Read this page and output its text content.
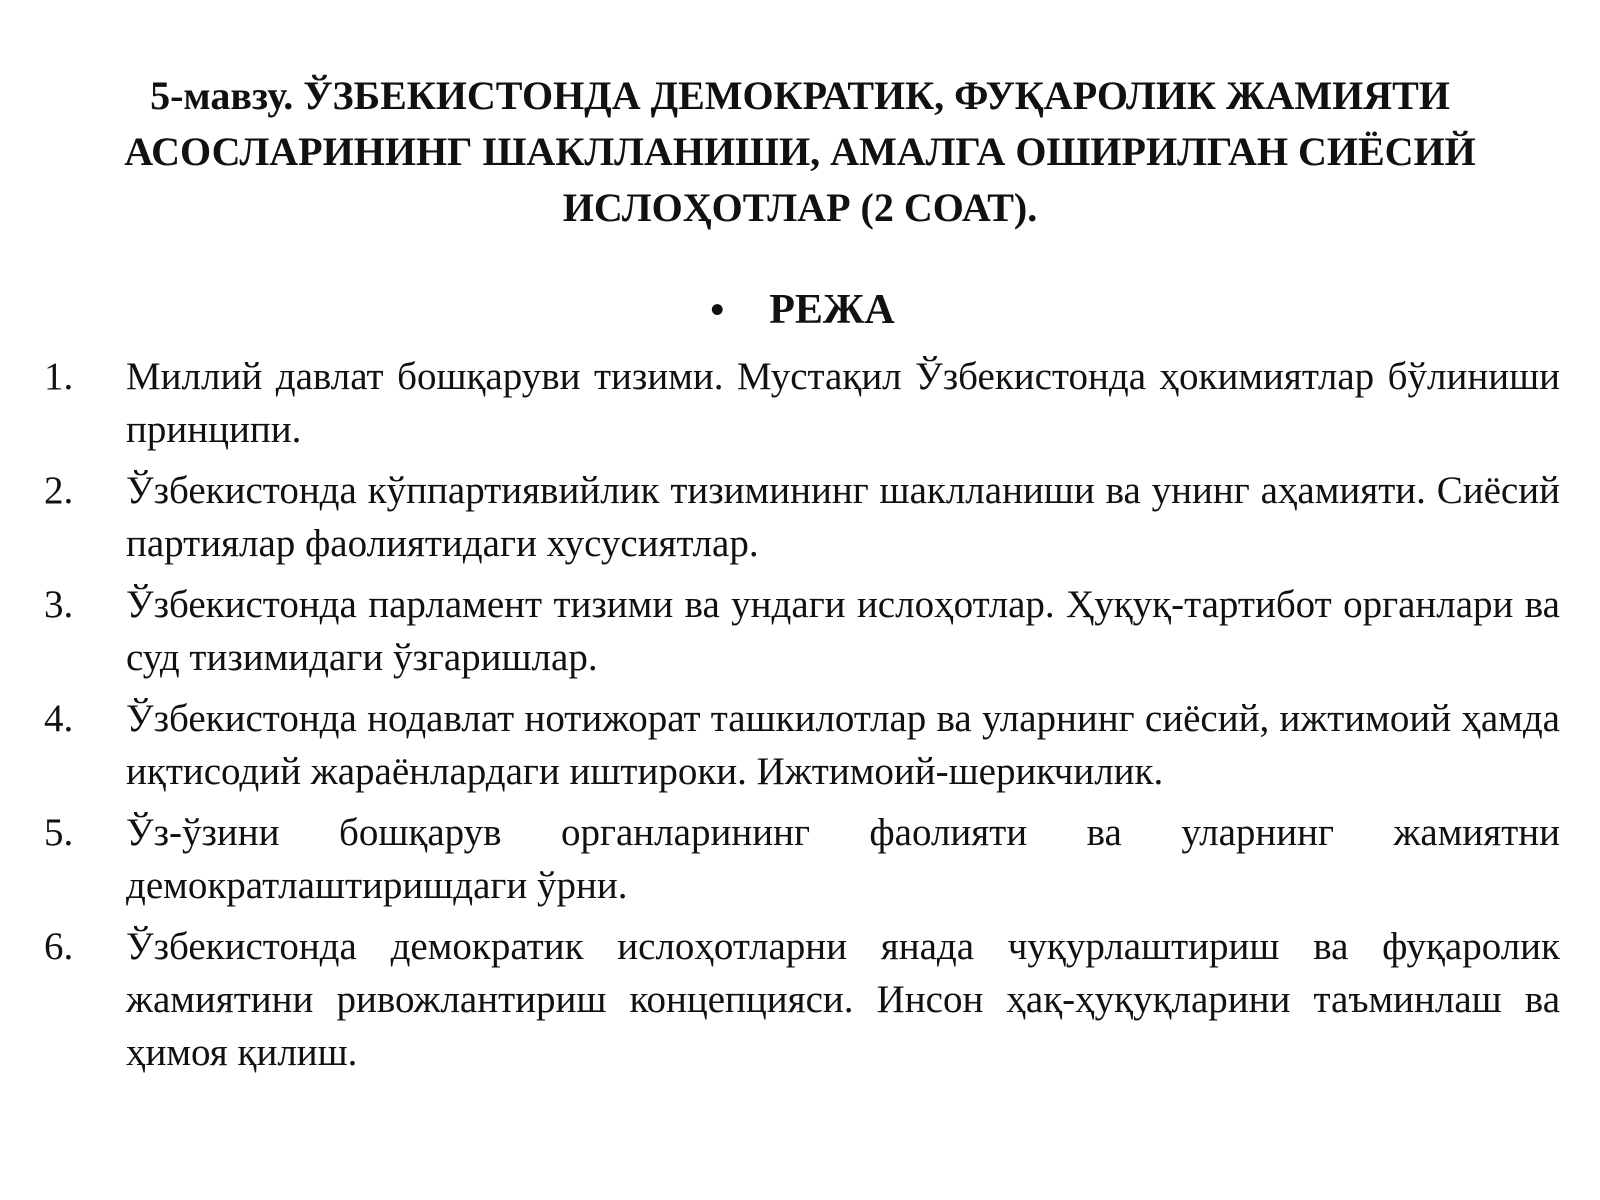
5-мавзу. ЎЗБЕКИСТОНДА ДЕМОКРАТИК, ФУҚАРОЛИК ЖАМИЯТИ АСОСЛАРИНИНГ ШАКЛЛАНИШИ, АМАЛГА ОШИРИЛГАН СИЁСИЙ ИСЛОҲОТЛАР (2 СОАТ).
• РЕЖА
1.	Миллий давлат бошқаруви тизими. Мустақил Ўзбекистонда ҳокимиятлар бўлиниши принципи.
2.	Ўзбекистонда кўппартиявийлик тизимининг шаклланиши ва унинг аҳамияти. Сиёсий партиялар фаолиятидаги хусусиятлар.
3.	Ўзбекистонда парламент тизими ва ундаги ислоҳотлар. Ҳуқуқ-тартибот органлари ва суд тизимидаги ўзгаришлар.
4.	Ўзбекистонда нодавлат нотижорат ташкилотлар ва уларнинг сиёсий, ижтимоий ҳамда иқтисодий жараёнлардаги иштироки. Ижтимоий-шерикчилик.
5.	Ўз-ўзини бошқарув органларининг фаолияти ва уларнинг жамиятни демократлаштиришдаги ўрни.
6.	Ўзбекистонда демократик ислоҳотларни янада чуқурлаштириш ва фуқаролик жамиятини ривожлантириш концепцияси. Инсон ҳақ-ҳуқуқларини таъминлаш ва ҳимоя қилиш.
